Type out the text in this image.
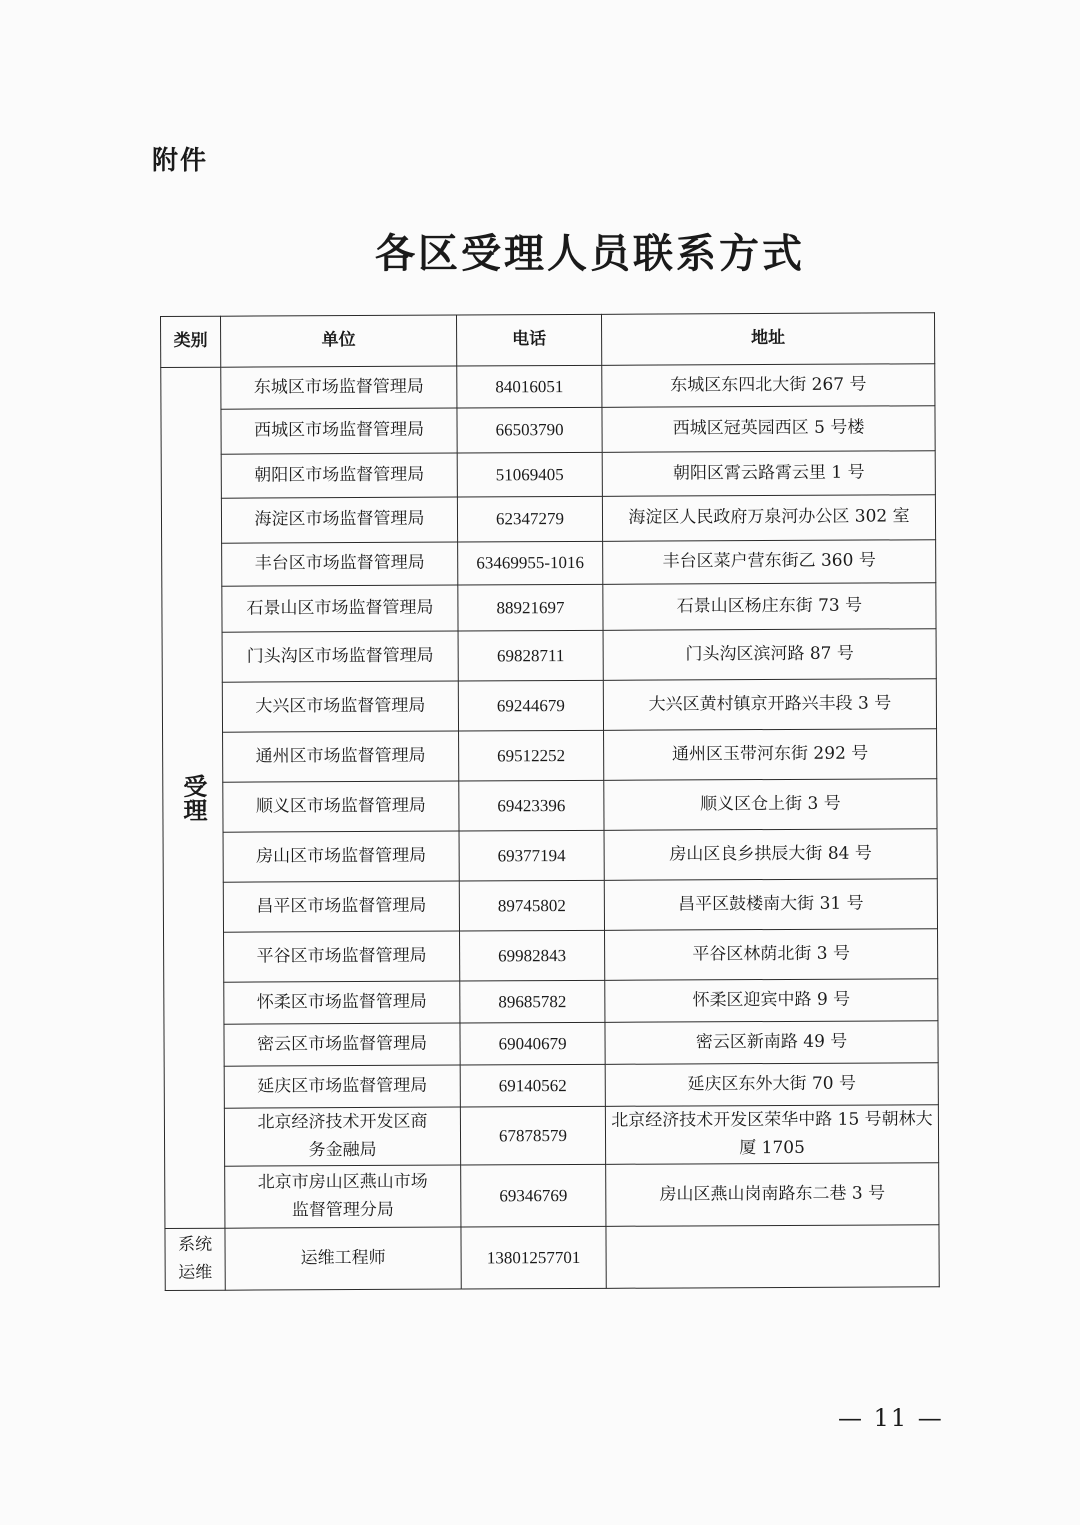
附件
各区受理人员联系方式
类别	单位	电话	地址
受理	东城区市场监督管理局	84016051	东城区东四北大街 267 号
	西城区市场监督管理局	66503790	西城区冠英园西区 5 号楼
	朝阳区市场监督管理局	51069405	朝阳区霄云路霄云里 1 号
	海淀区市场监督管理局	62347279	海淀区人民政府万泉河办公区 302 室
	丰台区市场监督管理局	63469955-1016	丰台区菜户营东街乙 360 号
	石景山区市场监督管理局	88921697	石景山区杨庄东街 73 号
	门头沟区市场监督管理局	69828711	门头沟区滨河路 87 号
	大兴区市场监督管理局	69244679	大兴区黄村镇京开路兴丰段 3 号
	通州区市场监督管理局	69512252	通州区玉带河东街 292 号
	顺义区市场监督管理局	69423396	顺义区仓上街 3 号
	房山区市场监督管理局	69377194	房山区良乡拱辰大街 84 号
	昌平区市场监督管理局	89745802	昌平区鼓楼南大街 31 号
	平谷区市场监督管理局	69982843	平谷区林荫北街 3 号
	怀柔区市场监督管理局	89685782	怀柔区迎宾中路 9 号
	密云区市场监督管理局	69040679	密云区新南路 49 号
	延庆区市场监督管理局	69140562	延庆区东外大街 70 号
	北京经济技术开发区商务金融局	67878579	北京经济技术开发区荣华中路 15 号朝林大厦 1705
	北京市房山区燕山市场监督管理分局	69346769	房山区燕山岗南路东二巷 3 号
系统运维	运维工程师	13801257701	
— 11 —
